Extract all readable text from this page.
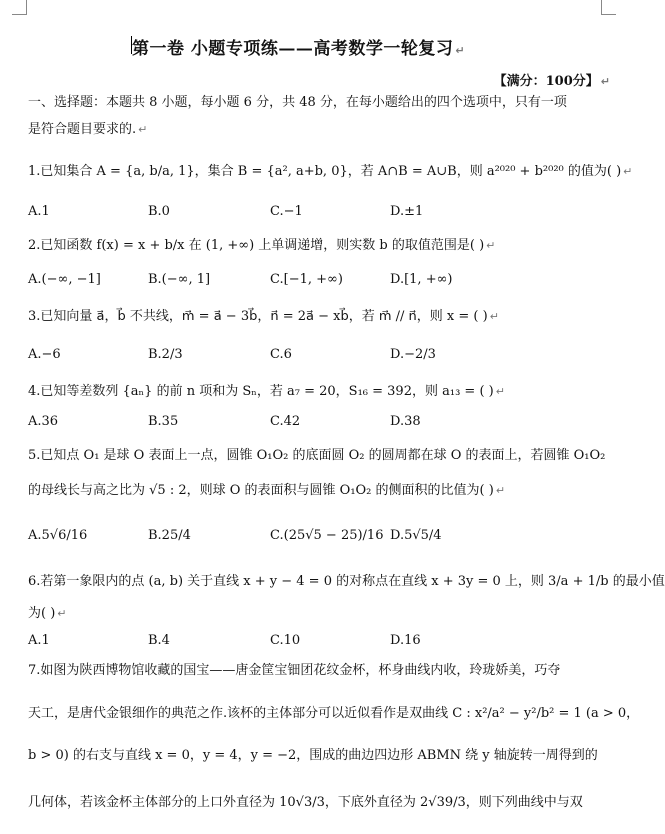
第一卷 小题专项练——高考数学一轮复习 ↵
【满分：100分】 ↵
一、选择题：本题共 8 小题，每小题 6 分，共 48 分，在每小题给出的四个选项中，只有一项
是符合题目要求的. ↵
1.已知集合 A = {a, b/a, 1}，集合 B = {a², a+b, 0}，若 A∩B = A∪B，则 a²⁰²⁰ + b²⁰²⁰ 的值为( ) ↵
A.1	B.0	C.−1	D.±1
2.已知函数 f(x) = x + b/x 在 (1, +∞) 上单调递增，则实数 b 的取值范围是( ) ↵
A.(−∞, −1]	B.(−∞, 1]	C.[−1, +∞)	D.[1, +∞)
3.已知向量 a⃗，b⃗ 不共线，m⃗ = a⃗ − 3b⃗，n⃗ = 2a⃗ − xb⃗，若 m⃗ // n⃗，则 x = ( ) ↵
A.−6	B.2/3	C.6	D.−2/3
4.已知等差数列 {aₙ} 的前 n 项和为 Sₙ，若 a₇ = 20，S₁₆ = 392，则 a₁₃ = ( ) ↵
A.36	B.35	C.42	D.38
5.已知点 O₁ 是球 O 表面上一点，圆锥 O₁O₂ 的底面圆 O₂ 的圆周都在球 O 的表面上，若圆锥 O₁O₂
的母线长与高之比为 √5 : 2，则球 O 的表面积与圆锥 O₁O₂ 的侧面积的比值为( ) ↵
A.5√6/16	B.25/4	C.(25√5 − 25)/16 D.5√5/4
6.若第一象限内的点 (a, b) 关于直线 x + y − 4 = 0 的对称点在直线 x + 3y = 0 上，则 3/a + 1/b 的最小值
为( ) ↵
A.1	B.4	C.10	D.16
7.如图为陕西博物馆收藏的国宝——唐金筐宝钿团花纹金杯，杯身曲线内收，玲珑娇美，巧夺
天工，是唐代金银细作的典范之作.该杯的主体部分可以近似看作是双曲线 C : x²/a² − y²/b² = 1 (a > 0，
b > 0) 的右支与直线 x = 0，y = 4，y = −2，围成的曲边四边形 ABMN 绕 y 轴旋转一周得到的
几何体，若该金杯主体部分的上口外直径为 10√3/3，下底外直径为 2√39/3，则下列曲线中与双
